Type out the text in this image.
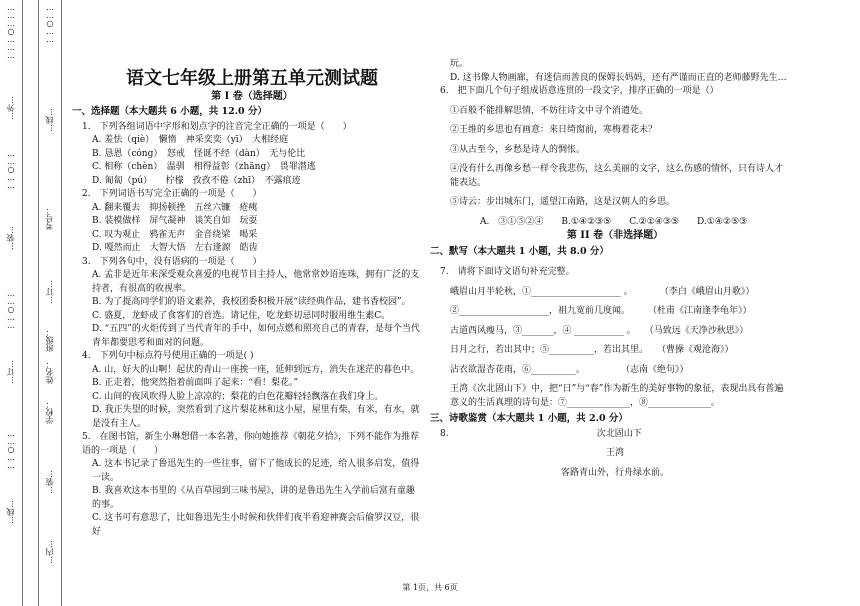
…
…
…
○
…
…
…
…外…
…
…
○
…
…
…装…
…
…
○
…
…
…订…
…
…
○
…
…
…线…
…
…
○
…
…
…线…
考号：
…订…
班级：
姓名：
学校：
…装…
…内…
语文七年级上册第五单元测试题
第 I 卷（选择题）
一、选择题（本大题共 6 小题，共 12.0 分）
1.　下列各组词语中字形和划点字的注音完全正确的一项是（　　）
A. 羞怯（qiè）　懒惰　神采奕奕（yī）　大相经庭
B. 恳恩（cóng）　怒戒　怪诞不经（dàn）　无与伦比
C. 相称（chèn）　温驯　相得益彰（zhāng）　畏罪潜逃
D. 匍匐（pú）　　柠檬　孜孜不倦（zhī）　不露痕迹
2.　下列词语书写完全正确的一项是（　　）
A. 翻来覆去　抑扬顿挫　五丝六镰　疮痍
B. 装模做样　屏气凝神　谈笑自如　玩耍
C. 叹为观止　鸦雀无声　金音绕梁　喝采
D. 嘎然而止　大智大悟　左右逢源　皓齿
3.　下列各句中，没有语病的一项是（　　）
A. 孟非是近年来深受观众喜爱的电视节目主持人，他常常妙语连珠，拥有广泛的支持者，有很高的收视率。
B. 为了提高同学们的语文素养，我校团委积极开展“读经典作品，建书香校园”。
C. 盛夏，龙虾成了食客们的首选。请记住，吃龙虾切忌同时服用维生素C。
D. “五四”的火炬传到了当代青年的手中，如何点燃和照亮自己的青春，是每个当代青年都要思考和面对的问题。
4.　下列句中标点符号使用正确的一项是( )
A. 山，好大的山啊！起伏的青山一座挨一座，延伸到远方，消失在迷茫的暮色中。
B. 正走着，他突然指着前面叫了起来：“看！梨花。”
C. 山间的夜风吹得人脸上凉凉的；梨花的白色花瓣轻轻飘落在我们身上。
D. 我正失望的时候，突然看到了这片梨花林和这小屋，屋里有柴，有米，有水，就是没有主人。
5.　在图书馆，新生小琳想借一本名著，你向她推荐《朝花夕拾》，下列不能作为推荐语的一项是（　　）
A. 这本书记录了鲁迅先生的一些往事，留下了他成长的足迹，给人很多启发，值得一读。
B. 我喜欢这本书里的《从百草园到三味书屋》，讲的是鲁迅先生入学前后富有童趣的事。
C. 这书可有意思了，比如鲁迅先生小时候和伙伴们夜半看迎神赛会后偷罗汉豆，很好
玩。
D. 这书像人物画廊，有迷信而善良的保姆长妈妈，还有严谨而正直的老师藤野先生…
6.　把下面几个句子组成语意连贯的一段文字，排序正确的一项是（）
①百般不能排解思情，不妨往诗文中寻个消遣处。
②王维的乡思也有画意：来日绮窗前，寒梅着花未？
③从古至今，乡愁是诗人的惆怅。
④没有什么再像乡愁一样令我悲伤，这么美丽的文字，这么伤感的情怀，只有诗人才能表达。
⑤诗云：步出城东门，遥望江南路，这是汉朝人的乡思。
A.　③①⑤②④ B.①④②③⑤ C.②①④③⑤ D.①④②⑤③
第 II 卷（非选择题）
二、默写（本大题共 1 小题，共 8.0 分）
7.　请将下面诗文语句补充完整。
峨眉山月半轮秋，①____________________ 。　　　　（李白《峨眉山月歌》）
②____________________，祖九宽前几度闻。　　　（杜甫《江南逢李龟年》）
古道西风瘦马，③_______，④ ___________ 。　　（马致远《天净沙秋思》）
日月之行，若出其中；⑤__________，若出其里。　　（曹操《观沧海》）
沾衣欲湿杏花雨，⑥__________。　　　　　（志南《绝句》）
王湾《次北固山下》中，把“日”与“春”作为新生的美好事物的象征，表现出具有普遍意义的生活真理的诗句是：⑦______________，⑧______________。
三、诗歌鉴赏（本大题共 1 小题，共 2.0 分）
8.	次北固山下
王湾
客路青山外，行舟绿水前。
第 1页，共 6页
